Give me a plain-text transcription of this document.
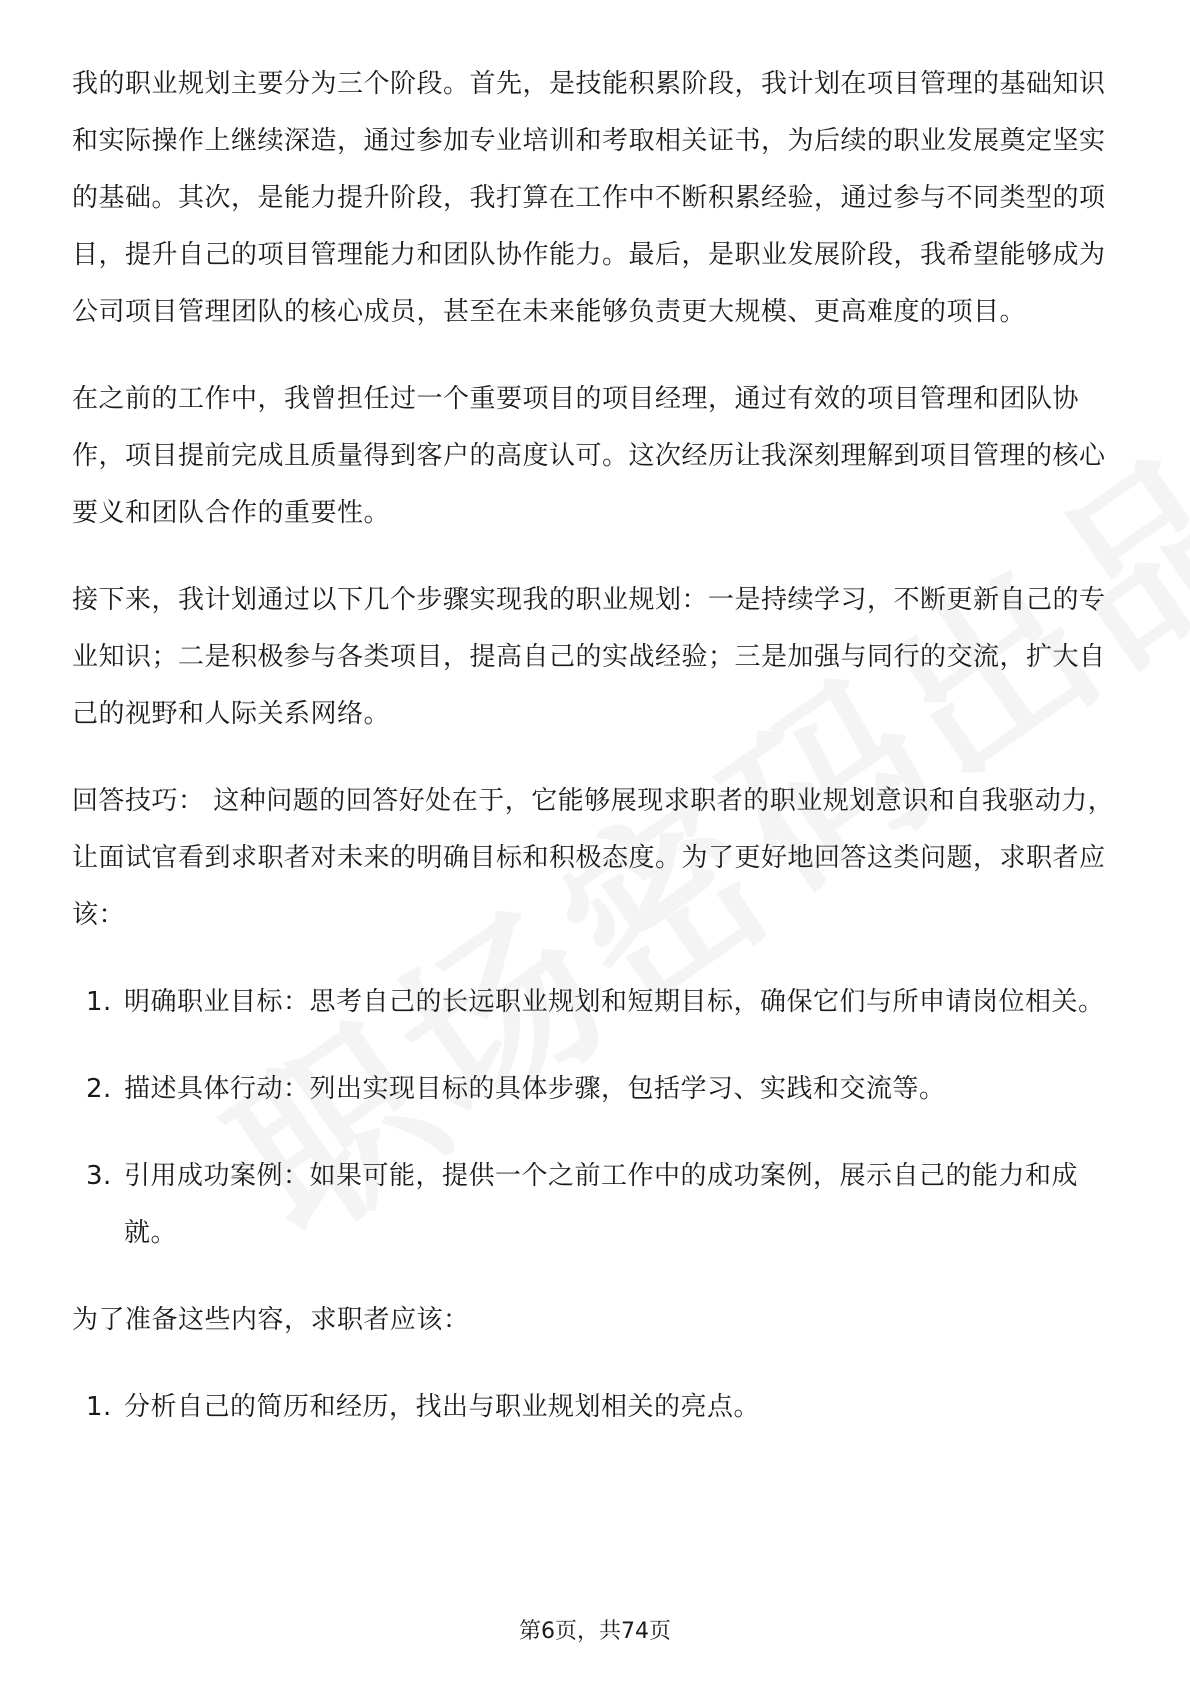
我的职业规划主要分为三个阶段。首先，是技能积累阶段，我计划在项目管理的基础知识和实际操作上继续深造，通过参加专业培训和考取相关证书，为后续的职业发展奠定坚实的基础。其次，是能力提升阶段，我打算在工作中不断积累经验，通过参与不同类型的项目，提升自己的项目管理能力和团队协作能力。最后，是职业发展阶段，我希望能够成为公司项目管理团队的核心成员，甚至在未来能够负责更大规模、更高难度的项目。

在之前的工作中，我曾担任过一个重要项目的项目经理，通过有效的项目管理和团队协作，项目提前完成且质量得到客户的高度认可。这次经历让我深刻理解到项目管理的核心要义和团队合作的重要性。

接下来，我计划通过以下几个步骤实现我的职业规划：一是持续学习，不断更新自己的专业知识；二是积极参与各类项目，提高自己的实战经验；三是加强与同行的交流，扩大自己的视野和人际关系网络。

回答技巧： 这种问题的回答好处在于，它能够展现求职者的职业规划意识和自我驱动力，让面试官看到求职者对未来的明确目标和积极态度。为了更好地回答这类问题，求职者应该：

1. 明确职业目标：思考自己的长远职业规划和短期目标，确保它们与所申请岗位相关。
2. 描述具体行动：列出实现目标的具体步骤，包括学习、实践和交流等。
3. 引用成功案例：如果可能，提供一个之前工作中的成功案例，展示自己的能力和成就。

为了准备这些内容，求职者应该：

1. 分析自己的简历和经历，找出与职业规划相关的亮点。
第6页，共74页
